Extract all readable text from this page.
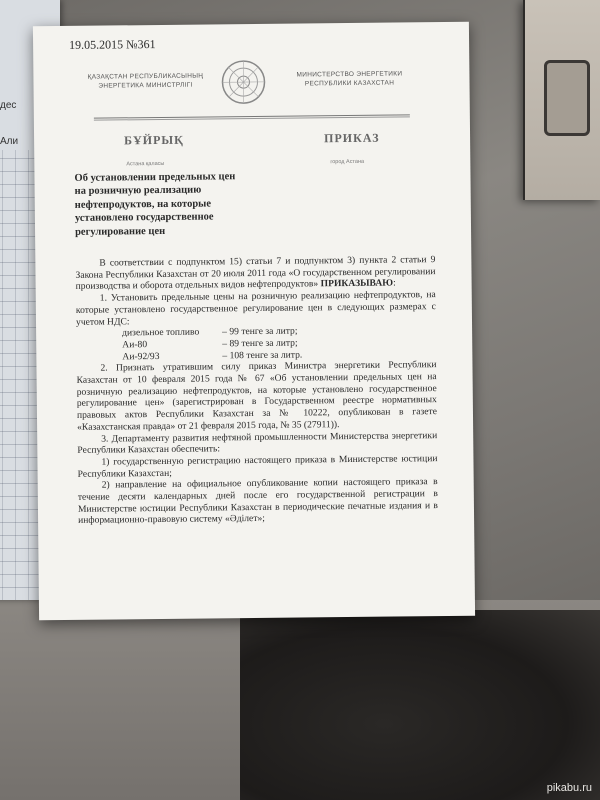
дес
Али
19.05.2015 №361
ҚАЗАҚСТАН РЕСПУБЛИКАСЫНЫҢ ЭНЕРГЕТИКА МИНИСТРЛІГІ
МИНИСТЕРСТВО ЭНЕРГЕТИКИ РЕСПУБЛИКИ КАЗАХСТАН
БҰЙРЫҚ	ПРИКАЗ
Астана қаласы	город Астана
Об установлении предельных цен на розничную реализацию нефтепродуктов, на которые установлено государственное регулирование цен

В соответствии с подпунктом 15) статьи 7 и подпунктом 3) пункта 2 статьи 9 Закона Республики Казахстан от 20 июля 2011 года «О государственном регулировании производства и оборота отдельных видов нефтепродуктов» ПРИКАЗЫВАЮ:

1. Установить предельные цены на розничную реализацию нефтепродуктов, на которые установлено государственное регулирование цен в следующих размерах с учетом НДС:

дизельное топливо	– 99 тенге за литр;
Аи-80	– 89 тенге за литр;
Аи-92/93	– 108 тенге за литр.

2. Признать утратившим силу приказ Министра энергетики Республики Казахстан от 10 февраля 2015 года № 67 «Об установлении предельных цен на розничную реализацию нефтепродуктов, на которые установлено государственное регулирование цен» (зарегистрирован в Государственном реестре нормативных правовых актов Республики Казахстан за № 10222, опубликован в газете «Казахстанская правда» от 21 февраля 2015 года, № 35 (27911)).

3. Департаменту развития нефтяной промышленности Министерства энергетики Республики Казахстан обеспечить:

1) государственную регистрацию настоящего приказа в Министерстве юстиции Республики Казахстан;

2) направление на официальное опубликование копии настоящего приказа в течение десяти календарных дней после его государственной регистрации в Министерстве юстиции Республики Казахстан в периодические печатные издания и в информационно-правовую систему «Әділет»;

pikabu.ru
